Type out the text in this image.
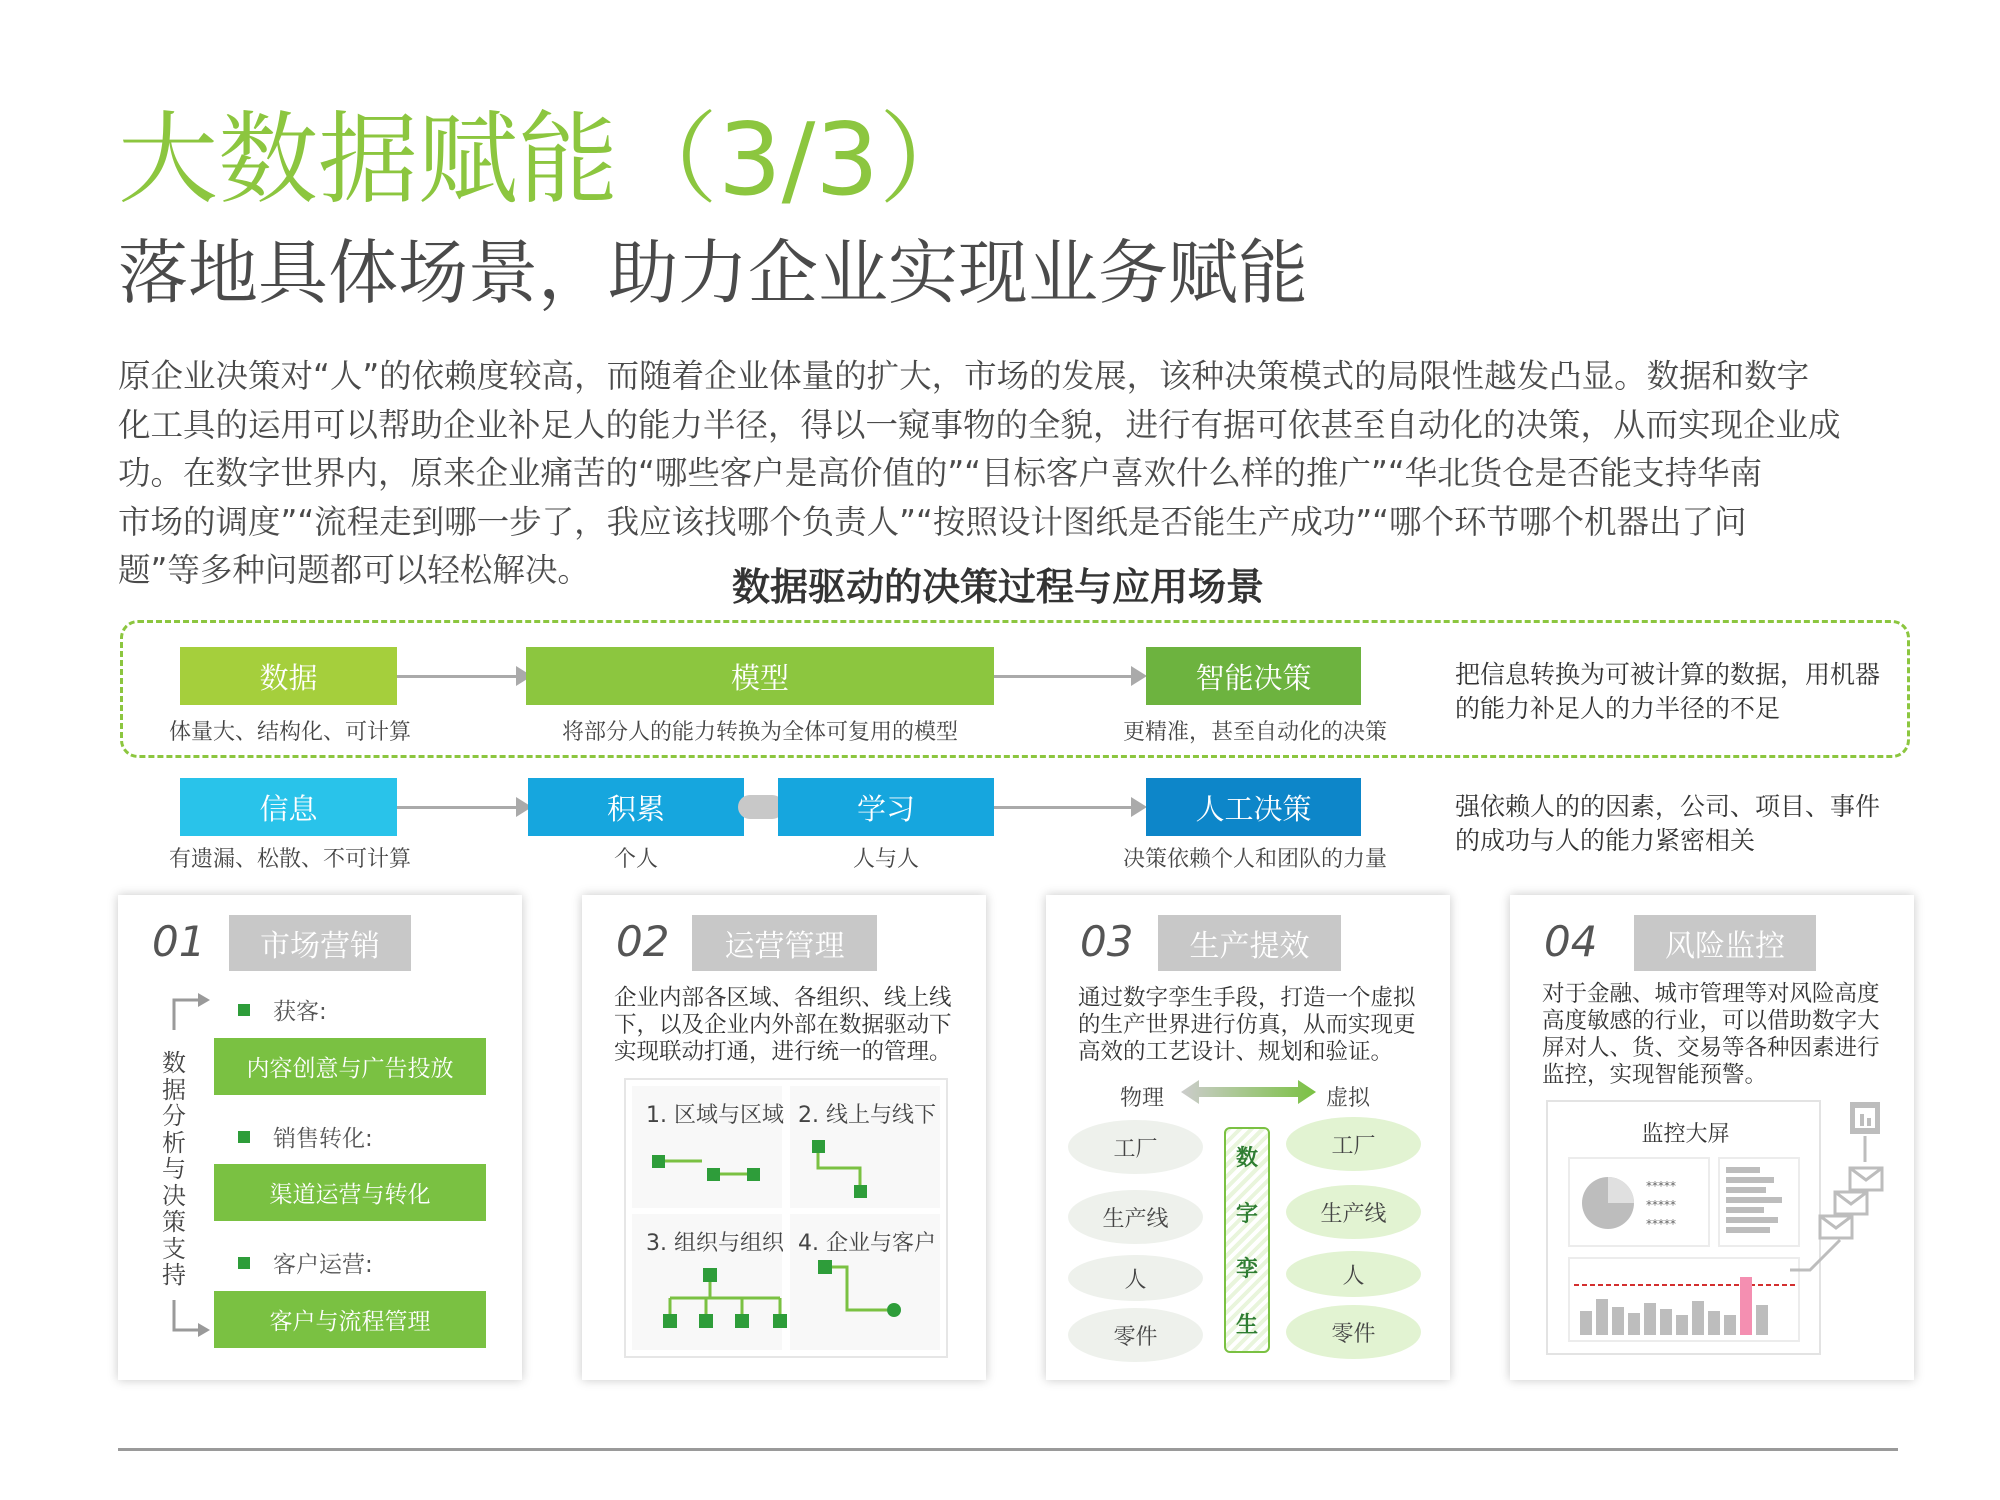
大数据赋能（3/3）
落地具体场景，助力企业实现业务赋能
原企业决策对“人”的依赖度较高，而随着企业体量的扩大，市场的发展，该种决策模式的局限性越发凸显。数据和数字
化工具的运用可以帮助企业补足人的能力半径，得以一窥事物的全貌，进行有据可依甚至自动化的决策，从而实现企业成
功。在数字世界内，原来企业痛苦的“哪些客户是高价值的”“目标客户喜欢什么样的推广”“华北货仓是否能支持华南
市场的调度”“流程走到哪一步了，我应该找哪个负责人”“按照设计图纸是否能生产成功”“哪个环节哪个机器出了问
题”等多种问题都可以轻松解决。	数据驱动的决策过程与应用场景
数据
体量大、结构化、可计算
模型
将部分人的能力转换为全体可复用的模型
智能决策
更精准，甚至自动化的决策
把信息转换为可被计算的数据，用机器的能力补足人的力半径的不足
信息
有遗漏、松散、不可计算
积累
个人
学习
人与人
人工决策
决策依赖个人和团队的力量
强依赖人的的因素，公司、项目、事件的成功与人的能力紧密相关
01	市场营销
数据分析与决策支持
获客:
内容创意与广告投放
销售转化:
渠道运营与转化
客户运营:
客户与流程管理
02	运营管理
企业内部各区域、各组织、线上线下，以及企业内外部在数据驱动下实现联动打通，进行统一的管理。
1. 区域与区域 2. 线上与线下
3. 组织与组织 4. 企业与客户
03	生产提效
通过数字孪生手段，打造一个虚拟的生产世界进行仿真，从而实现更高效的工艺设计、规划和验证。
物理	虚拟
工厂
生产线
人
零件
工厂
生产线
人
零件
数
字
孪
生
04	风险监控
对于金融、城市管理等对风险高度高度敏感的行业，可以借助数字大屏对人、货、交易等各种因素进行监控，实现智能预警。
监控大屏
*****
*****
*****
